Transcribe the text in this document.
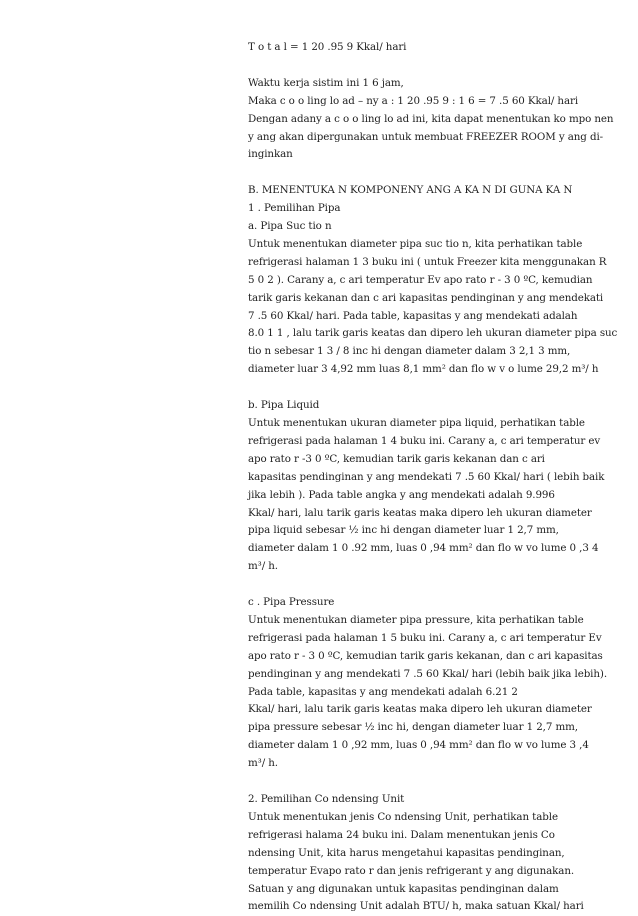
T o t a l = 1 20 .95 9 Kkal/ hari
Waktu kerja sistim ini 1 6 jam,
Maka c o o ling lo ad – ny a : 1 20 .95 9 : 1 6 = 7 .5 60 Kkal/ hari
Dengan adany a c o o ling lo ad ini, kita dapat menentukan ko mpo nen
y ang akan dipergunakan untuk membuat FREEZER ROOM y ang di-
inginkan
B. MENENTUKA N KOMPONENY ANG A KA N DI GUNA KA N
1 . Pemilihan Pipa
a. Pipa Suc tio n
Untuk menentukan diameter pipa suc tio n, kita perhatikan table
refrigerasi halaman 1 3 buku ini ( untuk Freezer kita menggunakan R
5 0 2 ). Carany a, c ari temperatur Ev apo rato r - 3 0 ºC, kemudian
tarik garis kekanan dan c ari kapasitas pendinginan y ang mendekati
7 .5 60 Kkal/ hari. Pada table, kapasitas y ang mendekati adalah
8.0 1 1 , lalu tarik garis keatas dan dipero leh ukuran diameter pipa suc
tio n sebesar 1 3 / 8 inc hi dengan diameter dalam 3 2,1 3 mm,
diameter luar 3 4,92 mm luas 8,1 mm² dan flo w v o lume 29,2 m³/ h
b. Pipa Liquid
Untuk menentukan ukuran diameter pipa liquid, perhatikan table
refrigerasi pada halaman 1 4 buku ini. Carany a, c ari temperatur ev
apo rato r -3 0 ºC, kemudian tarik garis kekanan dan c ari
kapasitas pendinginan y ang mendekati 7 .5 60 Kkal/ hari ( lebih baik
jika lebih ). Pada table angka y ang mendekati adalah 9.996
Kkal/ hari, lalu tarik garis keatas maka dipero leh ukuran diameter
pipa liquid sebesar ½ inc hi dengan diameter luar 1 2,7 mm,
diameter dalam 1 0 .92 mm, luas 0 ,94 mm² dan flo w vo lume 0 ,3 4
m³/ h.
c . Pipa Pressure
Untuk menentukan diameter pipa pressure, kita perhatikan table
refrigerasi pada halaman 1 5 buku ini. Carany a, c ari temperatur Ev
apo rato r - 3 0 ºC, kemudian tarik garis kekanan, dan c ari kapasitas
pendinginan y ang mendekati 7 .5 60 Kkal/ hari (lebih baik jika lebih).
Pada table, kapasitas y ang mendekati adalah 6.21 2
Kkal/ hari, lalu tarik garis keatas maka dipero leh ukuran diameter
pipa pressure sebesar ½ inc hi, dengan diameter luar 1 2,7 mm,
diameter dalam 1 0 ,92 mm, luas 0 ,94 mm² dan flo w vo lume 3 ,4
m³/ h.
2. Pemilihan Co ndensing Unit
Untuk menentukan jenis Co ndensing Unit, perhatikan table
refrigerasi halama 24 buku ini. Dalam menentukan jenis Co
ndensing Unit, kita harus mengetahui kapasitas pendinginan,
temperatur Evapo rato r dan jenis refrigerant y ang digunakan.
Satuan y ang digunakan untuk kapasitas pendinginan dalam
memilih Co ndensing Unit adalah BTU/ h, maka satuan Kkal/ hari
